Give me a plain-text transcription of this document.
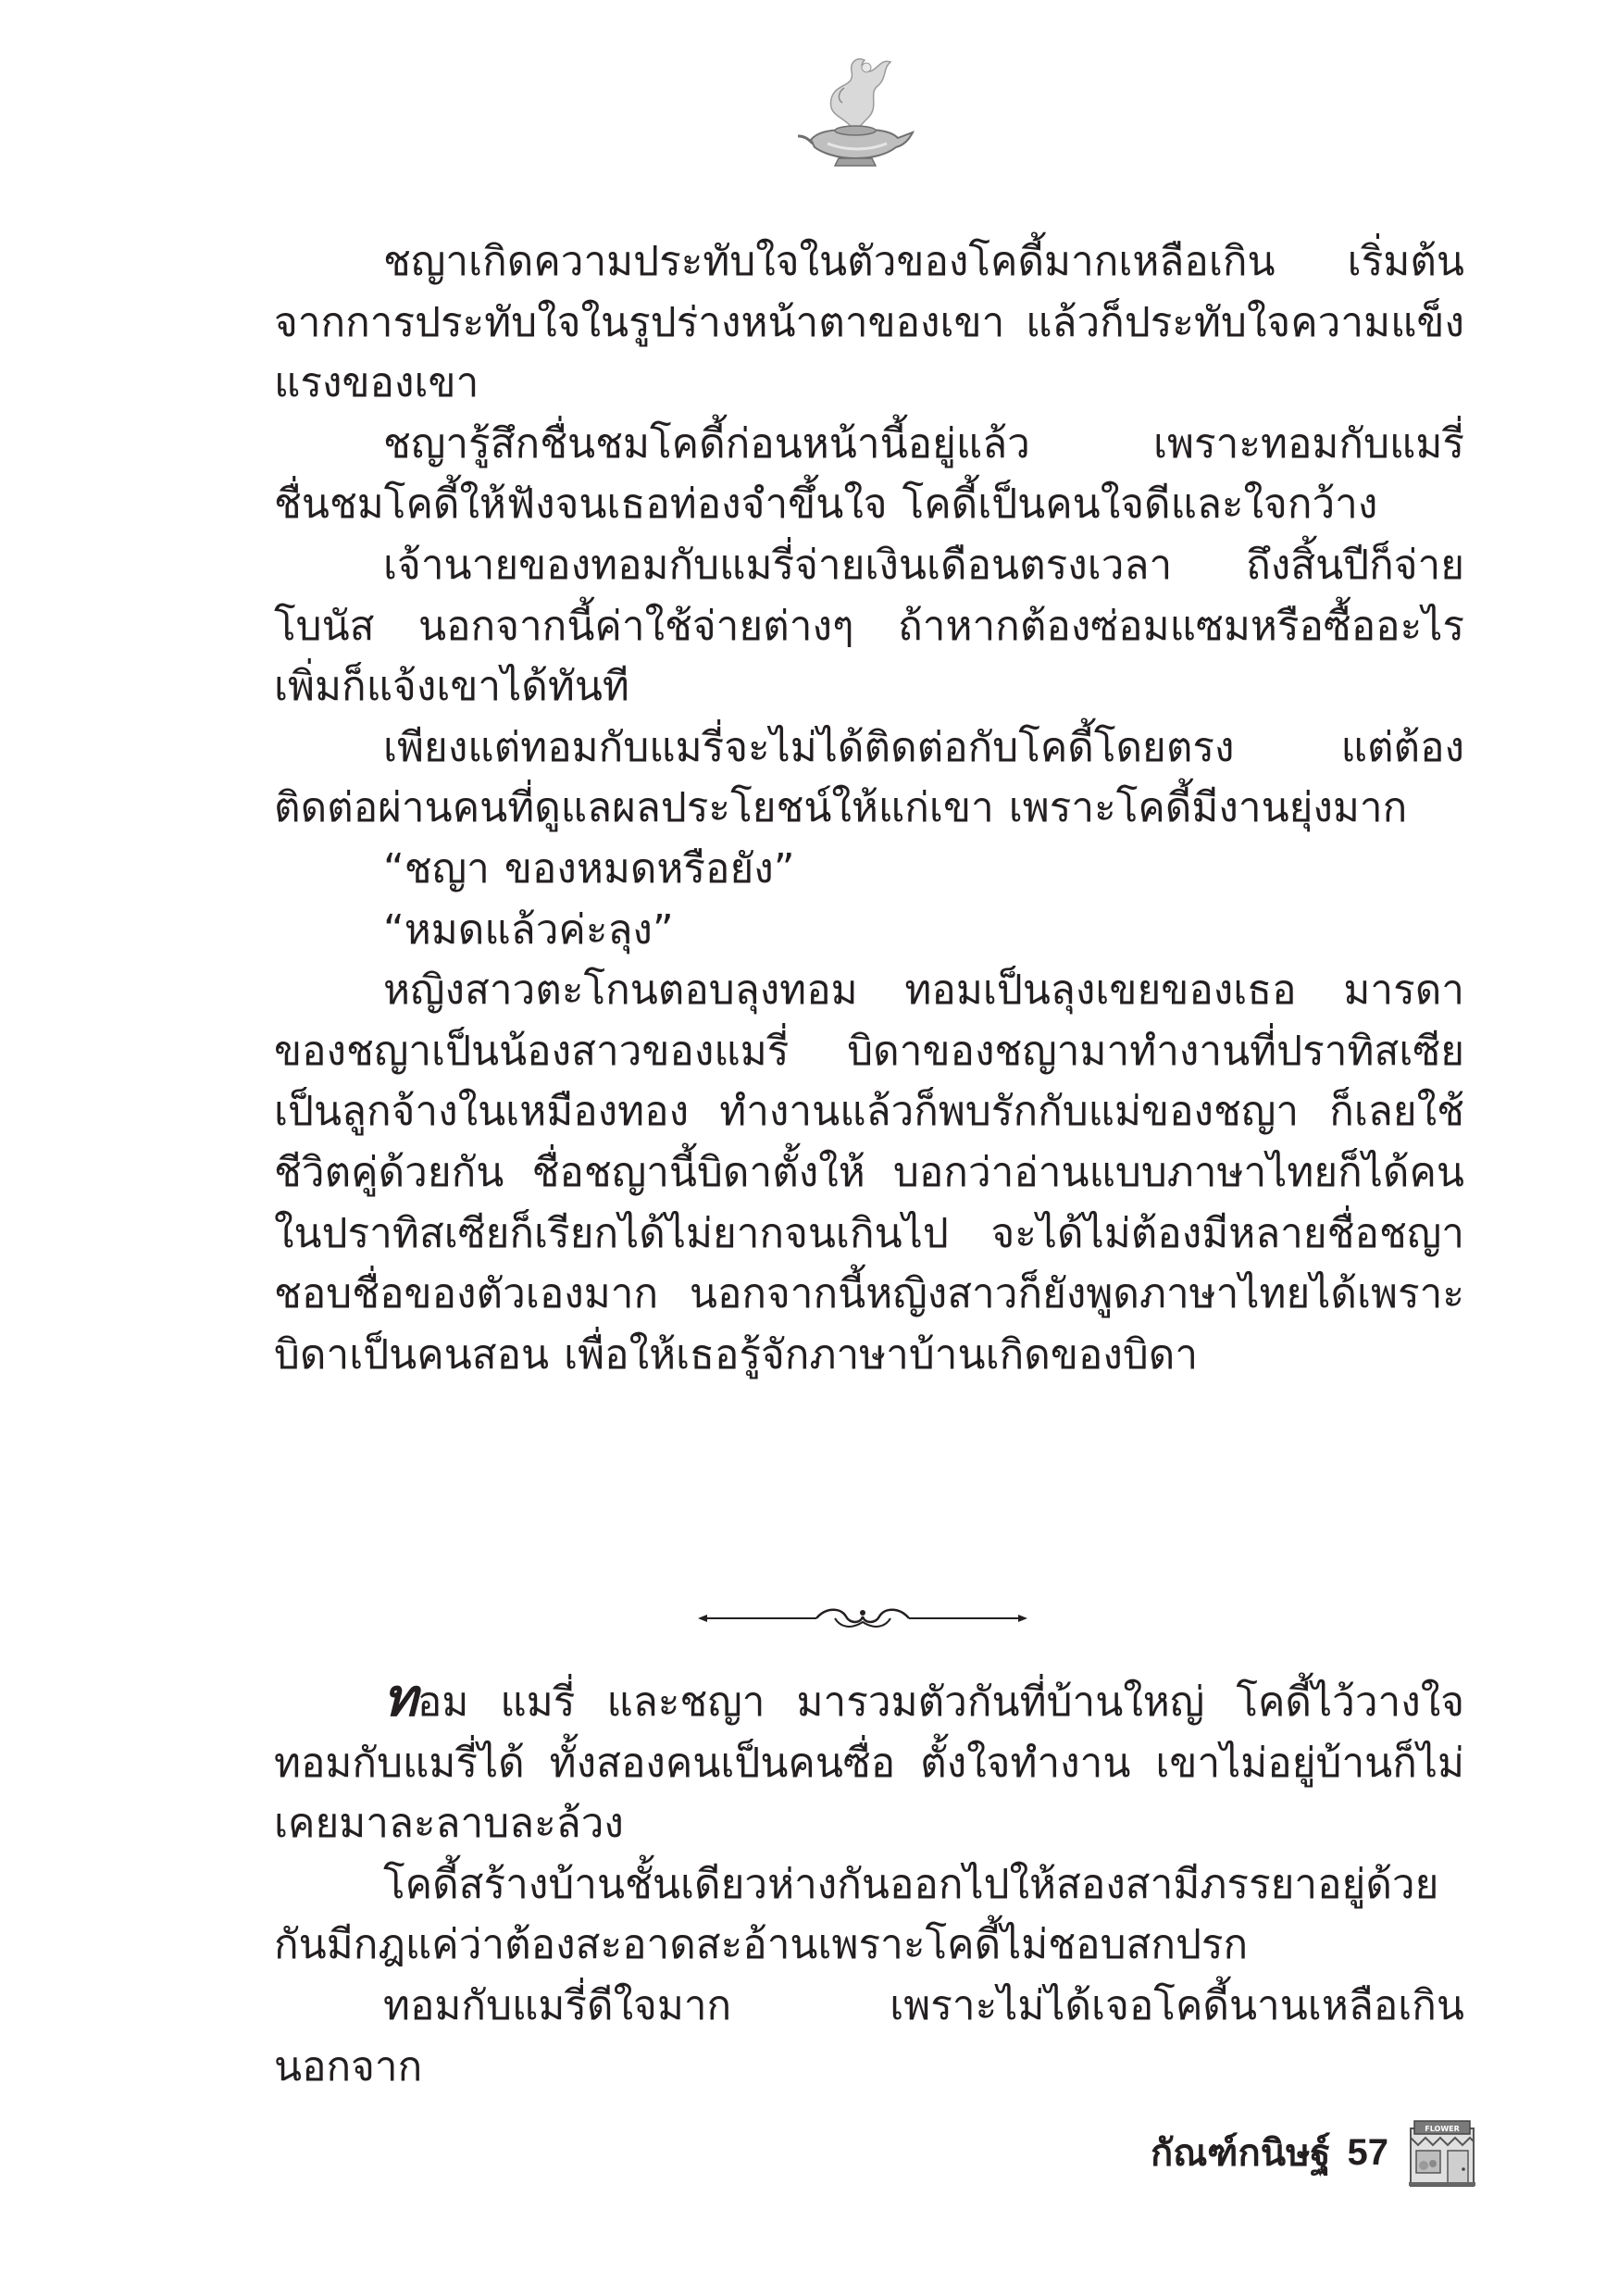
ชญาเกิดความประทับใจในตัวของโคดี้มากเหลือเกิน เริ่มต้นจากการประทับใจในรูปร่างหน้าตาของเขา แล้วก็ประทับใจความแข็งแรงของเขา

ชญารู้สึกชื่นชมโคดี้ก่อนหน้านี้อยู่แล้ว เพราะทอมกับแมรี่ชื่นชมโคดี้ให้ฟังจนเธอท่องจำขึ้นใจ โคดี้เป็นคนใจดีและใจกว้าง

เจ้านายของทอมกับแมรี่จ่ายเงินเดือนตรงเวลา ถึงสิ้นปีก็จ่ายโบนัส นอกจากนี้ค่าใช้จ่ายต่างๆ ถ้าหากต้องซ่อมแซมหรือซื้ออะไรเพิ่มก็แจ้งเขาได้ทันที

เพียงแต่ทอมกับแมรี่จะไม่ได้ติดต่อกับโคดี้โดยตรง แต่ต้องติดต่อผ่านคนที่ดูแลผลประโยชน์ให้แก่เขา เพราะโคดี้มีงานยุ่งมาก

“ชญา ของหมดหรือยัง”

“หมดแล้วค่ะลุง”

หญิงสาวตะโกนตอบลุงทอม ทอมเป็นลุงเขยของเธอ มารดาของชญาเป็นน้องสาวของแมรี่ บิดาของชญามาทำงานที่ปราทิสเซียเป็นลูกจ้างในเหมืองทอง ทำงานแล้วก็พบรักกับแม่ของชญา ก็เลยใช้ชีวิตคู่ด้วยกัน ชื่อชญานี้บิดาตั้งให้ บอกว่าอ่านแบบภาษาไทยก็ได้คนในปราทิสเซียก็เรียกได้ไม่ยากจนเกินไป จะได้ไม่ต้องมีหลายชื่อชญาชอบชื่อของตัวเองมาก นอกจากนี้หญิงสาวก็ยังพูดภาษาไทยได้เพราะบิดาเป็นคนสอน เพื่อให้เธอรู้จักภาษาบ้านเกิดของบิดา

ทอม แมรี่ และชญา มารวมตัวกันที่บ้านใหญ่ โคดี้ไว้วางใจทอมกับแมรี่ได้ ทั้งสองคนเป็นคนซื่อ ตั้งใจทำงาน เขาไม่อยู่บ้านก็ไม่เคยมาละลาบละล้วง

โคดี้สร้างบ้านชั้นเดียวห่างกันออกไปให้สองสามีภรรยาอยู่ด้วยกันมีกฎแค่ว่าต้องสะอาดสะอ้านเพราะโคดี้ไม่ชอบสกปรก

ทอมกับแมรี่ดีใจมาก เพราะไม่ได้เจอโคดี้นานเหลือเกิน นอกจาก

กัณฑ์กนิษฐ์ 57
FLOWER
